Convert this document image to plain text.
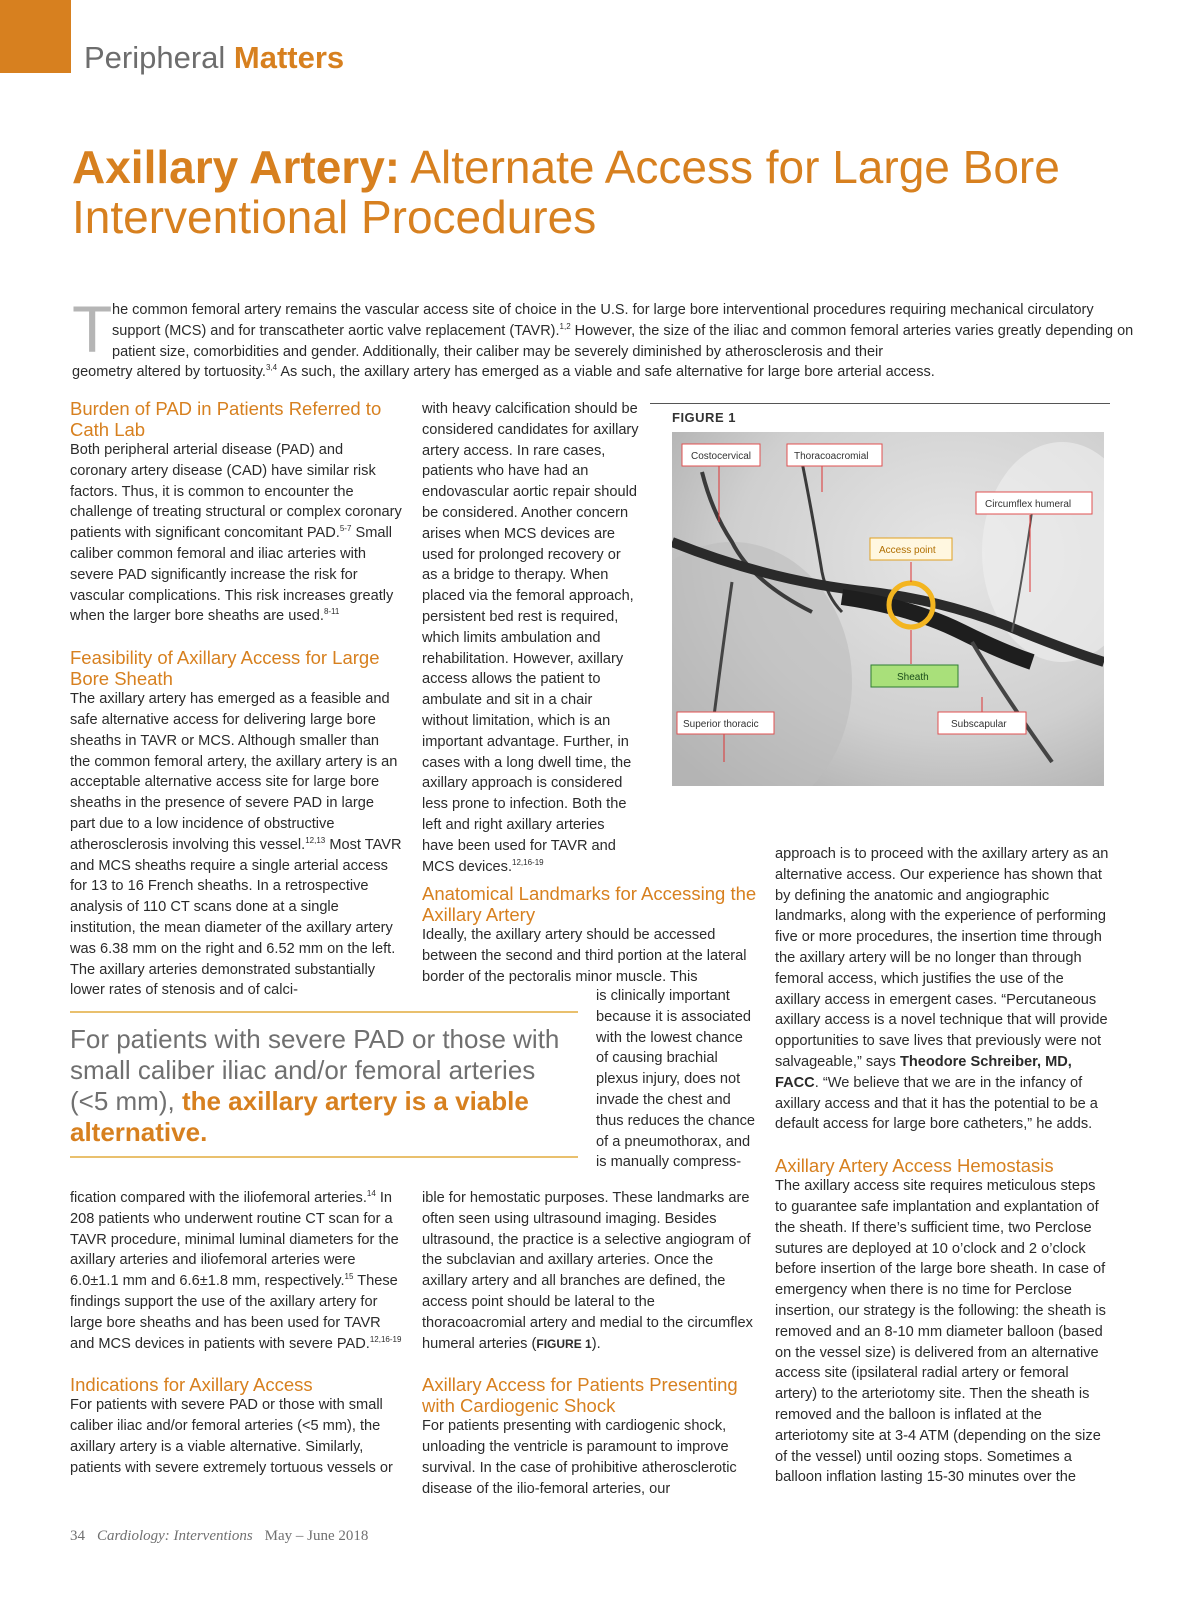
Peripheral Matters
Axillary Artery: Alternate Access for Large Bore Interventional Procedures
T he common femoral artery remains the vascular access site of choice in the U.S. for large bore interventional procedures requiring mechanical circulatory support (MCS) and for transcatheter aortic valve replacement (TAVR).$^{1,2}$ However, the size of the iliac and common femoral arteries varies greatly depending on patient size, comorbidities and gender. Additionally, their caliber may be severely diminished by atherosclerosis and their

geometry altered by tortuosity.$^{3,4}$ As such, the axillary artery has emerged as a viable and safe alternative for large bore arterial access.

Burden of PAD in Patients Referred to Cath Lab

Both peripheral arterial disease (PAD) and coronary artery disease (CAD) have similar risk factors. Thus, it is common to encounter the challenge of treating structural or complex coronary patients with significant concomitant PAD.$^{5-7}$ Small caliber common femoral and iliac arteries with severe PAD significantly increase the risk for vascular complications. This risk increases greatly when the larger bore sheaths are used.$^{8-11}$

Feasibility of Axillary Access for Large Bore Sheath

The axillary artery has emerged as a feasible and safe alternative access for delivering large bore sheaths in TAVR or MCS. Although smaller than the common femoral artery, the axillary artery is an acceptable alternative access site for large bore sheaths in the presence of severe PAD in large part due to a low incidence of obstructive atherosclerosis involving this vessel.$^{12,13}$ Most TAVR and MCS sheaths require a single arterial access for 13 to 16 French sheaths. In a retrospective analysis of 110 CT scans done at a single institution, the mean diameter of the axillary artery was 6.38 mm on the right and 6.52 mm on the left. The axillary arteries demonstrated substantially lower rates of stenosis and of calci-

fication compared with the iliofemoral arteries.$^{14}$ In 208 patients who underwent routine CT scan for a TAVR procedure, minimal luminal diameters for the axillary arteries and iliofemoral arteries were 6.0±1.1 mm and 6.6±1.8 mm, respectively.$^{15}$ These findings support the use of the axillary artery for large bore sheaths and has been used for TAVR and MCS devices in patients with severe PAD.$^{12,16-19}$

Indications for Axillary Access

For patients with severe PAD or those with small caliber iliac and/or femoral arteries (<5 mm), the axillary artery is a viable alternative. Similarly, patients with severe extremely tortuous vessels or

with heavy calcification should be considered candidates for axillary artery access. In rare cases, patients who have had an endovascular aortic repair should be considered. Another concern arises when MCS devices are used for prolonged recovery or as a bridge to therapy. When placed via the femoral approach, persistent bed rest is required, which limits ambulation and rehabilitation. However, axillary access allows the patient to ambulate and sit in a chair without limitation, which is an important advantage. Further, in cases with a long dwell time, the axillary approach is considered less prone to infection. Both the left and right axillary arteries have been used for TAVR and MCS devices.$^{12,16-19}$

Anatomical Landmarks for Accessing the Axillary Artery

Ideally, the axillary artery should be accessed between the second and third portion at the lateral border of the pectoralis minor muscle. This

is clinically important because it is associated with the lowest chance of causing brachial plexus injury, does not invade the chest and thus reduces the chance of a pneumothorax, and is manually compress-

ible for hemostatic purposes. These landmarks are often seen using ultrasound imaging. Besides ultrasound, the practice is a selective angiogram of the subclavian and axillary arteries. Once the axillary artery and all branches are defined, the access point should be lateral to the thoracoacromial artery and medial to the circumflex humeral arteries (FIGURE 1).

Axillary Access for Patients Presenting with Cardiogenic Shock

For patients presenting with cardiogenic shock, unloading the ventricle is paramount to improve survival. In the case of prohibitive atherosclerotic disease of the ilio-femoral arteries, our

approach is to proceed with the axillary artery as an alternative access. Our experience has shown that by defining the anatomic and angiographic landmarks, along with the experience of performing five or more procedures, the insertion time through the axillary artery will be no longer than through femoral access, which justifies the use of the axillary access in emergent cases. “Percutaneous axillary access is a novel technique that will provide opportunities to save lives that previously were not salvageable,” says Theodore Schreiber, MD, FACC. “We believe that we are in the infancy of axillary access and that it has the potential to be a default access for large bore catheters,” he adds.

Axillary Artery Access Hemostasis

The axillary access site requires meticulous steps to guarantee safe implantation and explantation of the sheath. If there’s sufficient time, two Perclose sutures are deployed at 10 o’clock and 2 o’clock before insertion of the large bore sheath. In case of emergency when there is no time for Perclose insertion, our strategy is the following: the sheath is removed and an 8-10 mm diameter balloon (based on the vessel size) is delivered from an alternative access site (ipsilateral radial artery or femoral artery) to the arteriotomy site. Then the sheath is removed and the balloon is inflated at the arteriotomy site at 3-4 ATM (depending on the size of the vessel) until oozing stops. Sometimes a balloon inflation lasting 15-30 minutes over the

FIGURE 1
Costocervical	Thoracoacromial
Circumflex humeral
Access point
Sheath
Superior thoracic	Subscapular
For patients with severe PAD or those with small caliber iliac and/or femoral arteries (<5 mm), the axillary artery is a viable alternative.
34 Cardiology: Interventions May – June 2018
